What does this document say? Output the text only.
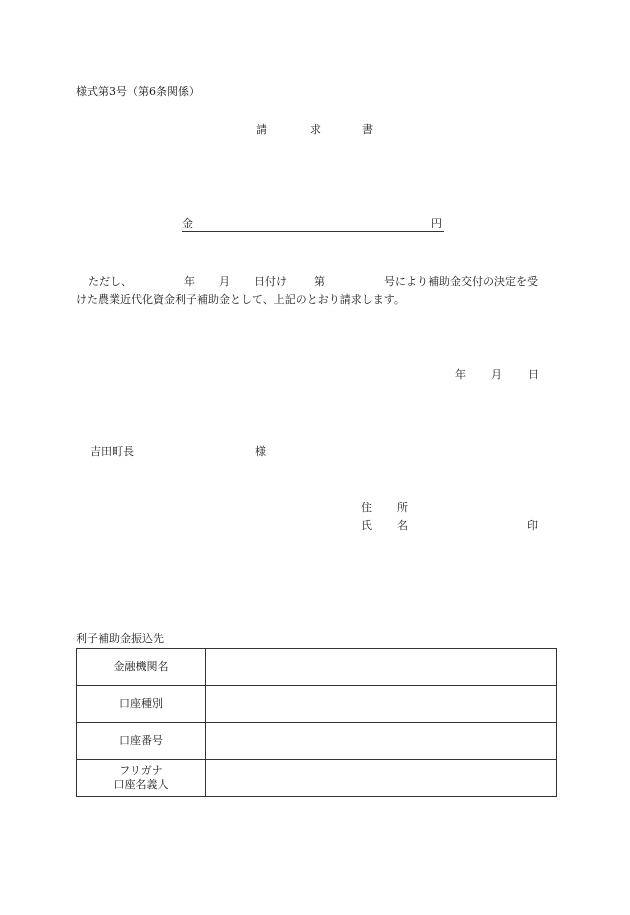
様式第3号（第6条関係）
請	求	書
金	円
ただし、	年 月 日付け 第	号により補助金交付の決定を受
けた農業近代化資金利子補助金として、上記のとおり請求します。
年 月 日
吉田町長	様
住 所
氏 名	印
利子補助金振込先
金融機関名	
口座種別	
口座番号	

フリガナ
口座名義人	
